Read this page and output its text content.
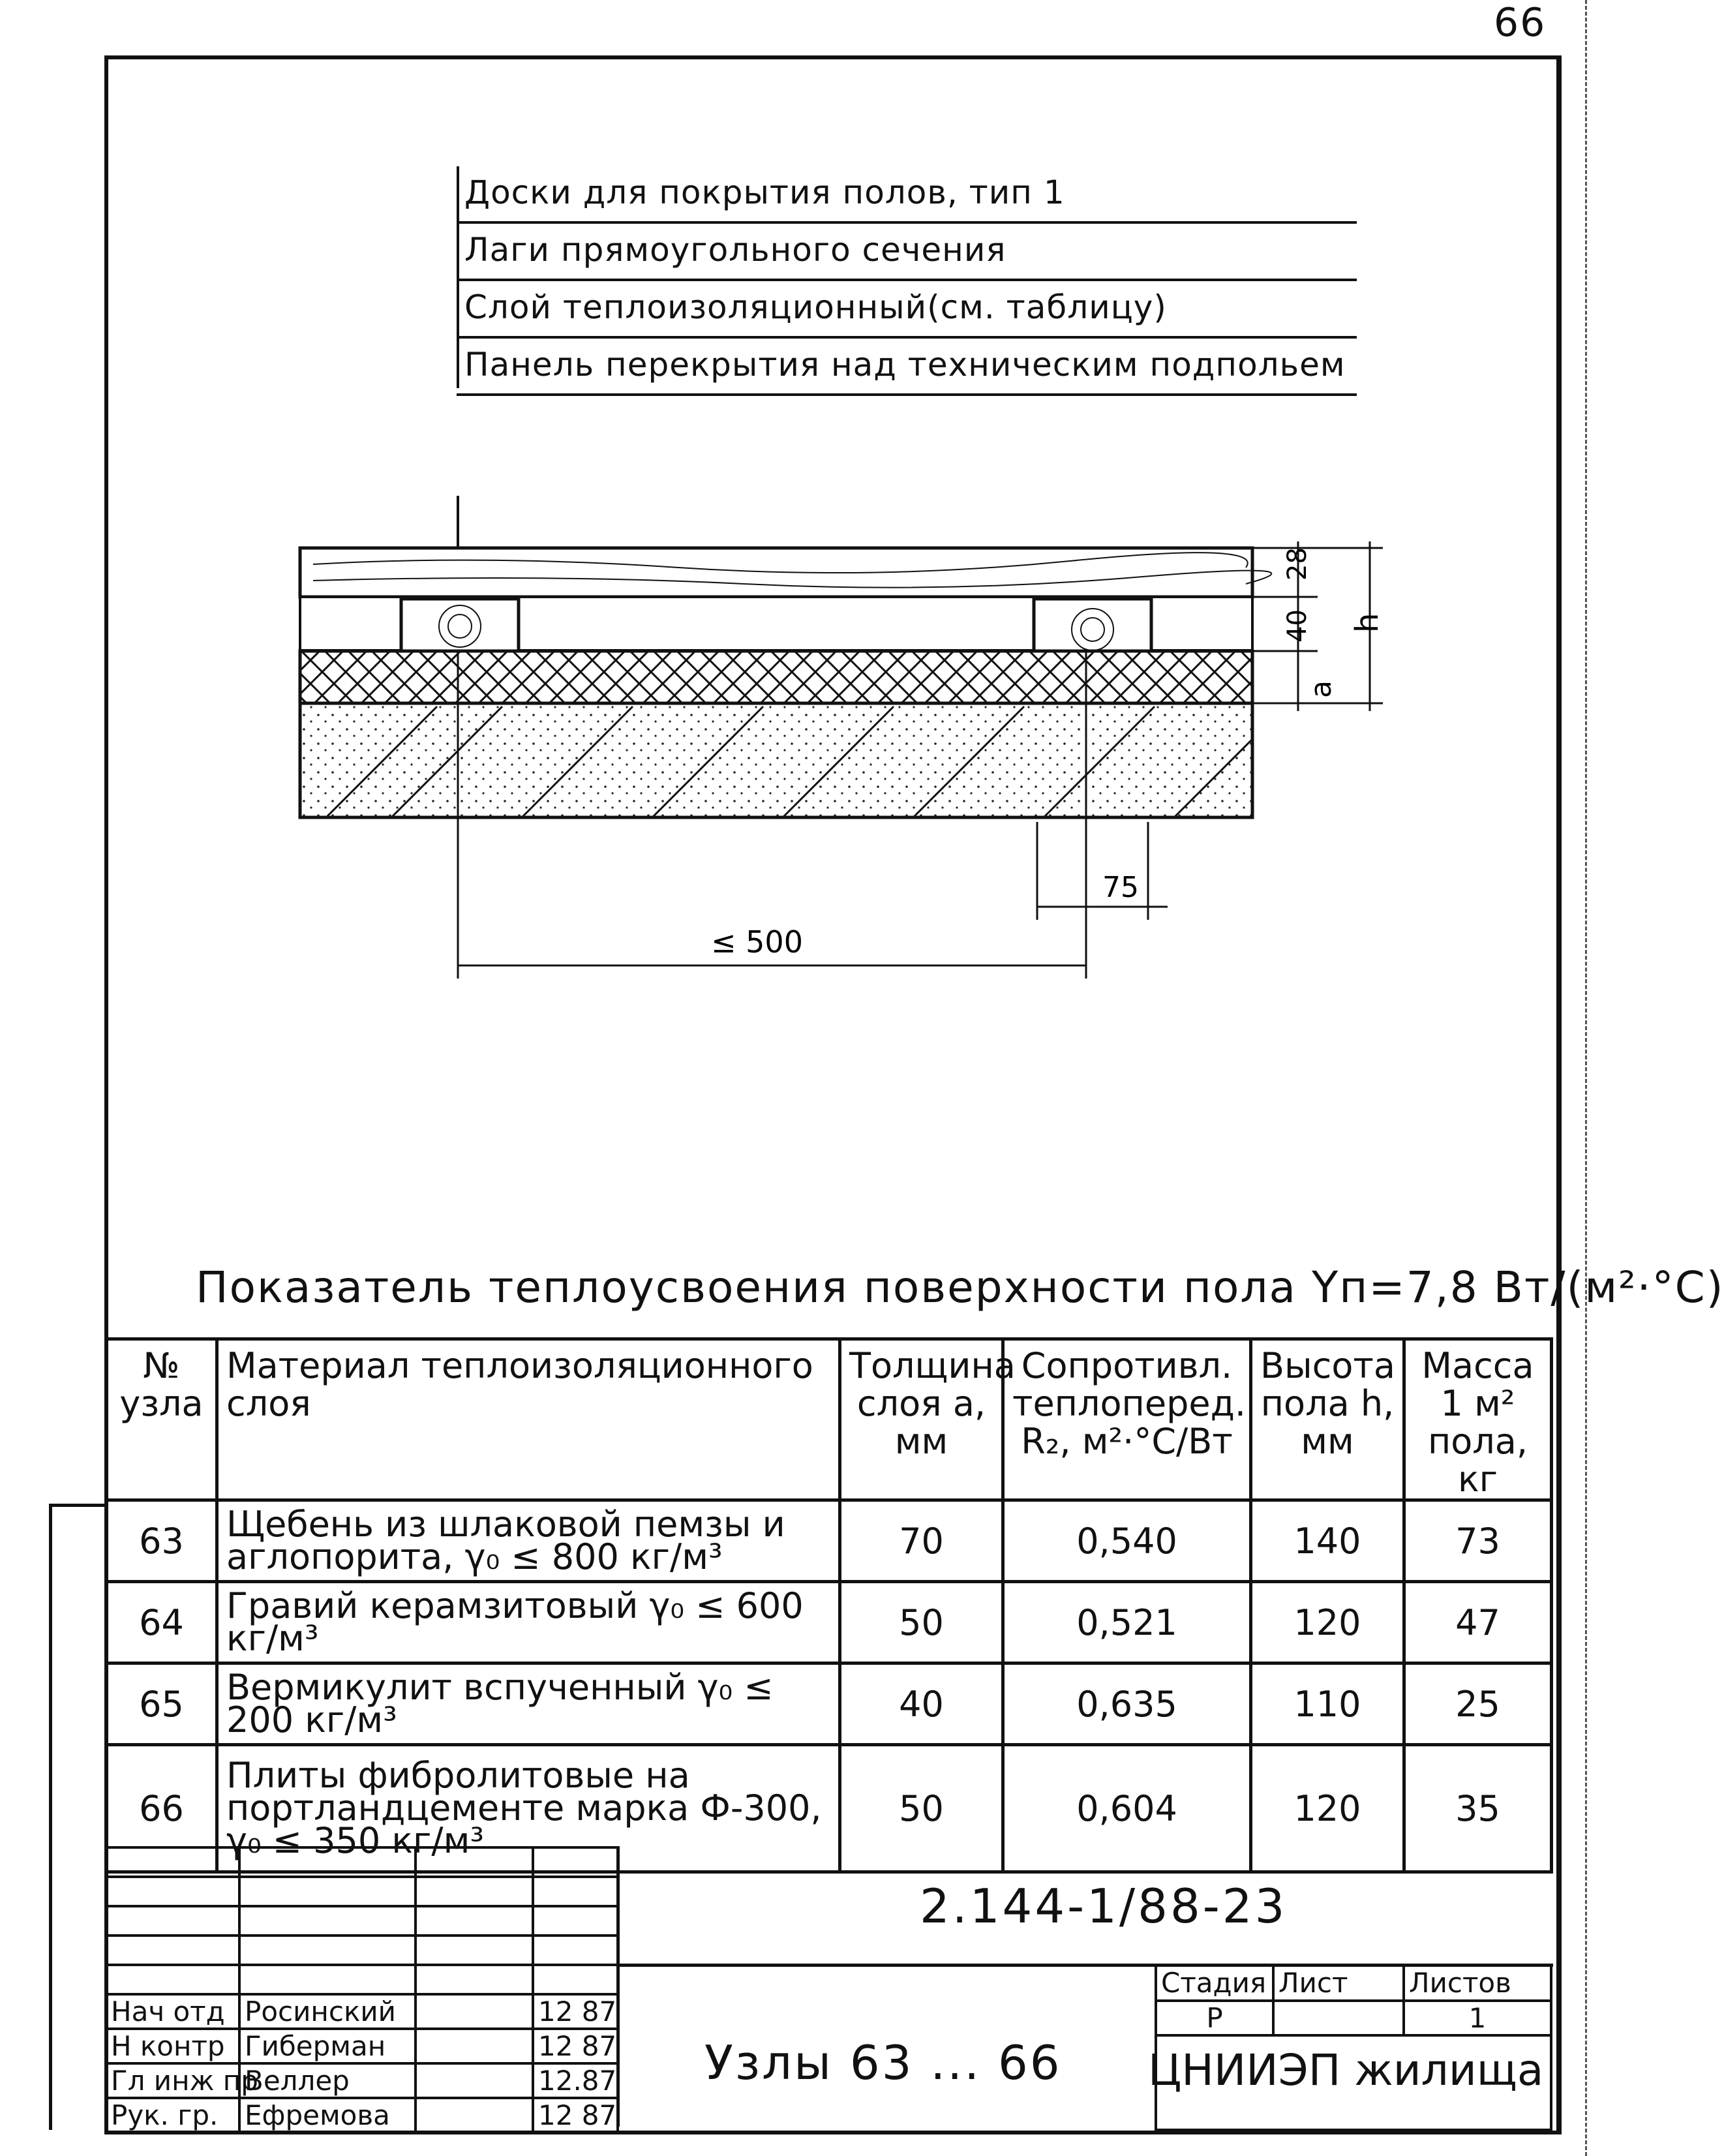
66
Доски для покрытия полов, тип 1
Лаги прямоугольного сечения
Слой теплоизоляционный(см. таблицу)
Панель перекрытия над техническим подпольем
28
40
a
h
75
≤ 500
Показатель теплоусвоения поверхности пола Yп=7,8 Вт/(м²·°С)
№ узла	Материал теплоизоляционного слоя	Толщина слоя a, мм	Сопротивл. теплоперед. R₂, м²·°С/Вт	Высота пола h, мм	Масса 1 м² пола, кг
63	Щебень из шлаковой пемзы и аглопорита, γ₀ ≤ 800 кг/м³	70	0,540	140	73
64	Гравий керамзитовый γ₀ ≤ 600 кг/м³	50	0,521	120	47
65	Вермикулит вспученный γ₀ ≤ 200 кг/м³	40	0,635	110	25
66	Плиты фибролитовые на портландцементе марка Ф-300, γ₀ ≤ 350 кг/м³	50	0,604	120	35

Нач отд	Росинский		12 87
Н контр	Гиберман		12 87
Гл инж пр	Веллер		12.87
Рук. гр.	Ефремова		12 87
Стадия	Лист	Листов
Р		1

2.144-1/88-23
Узлы 63 ... 66 ЦНИИЭП жилища
